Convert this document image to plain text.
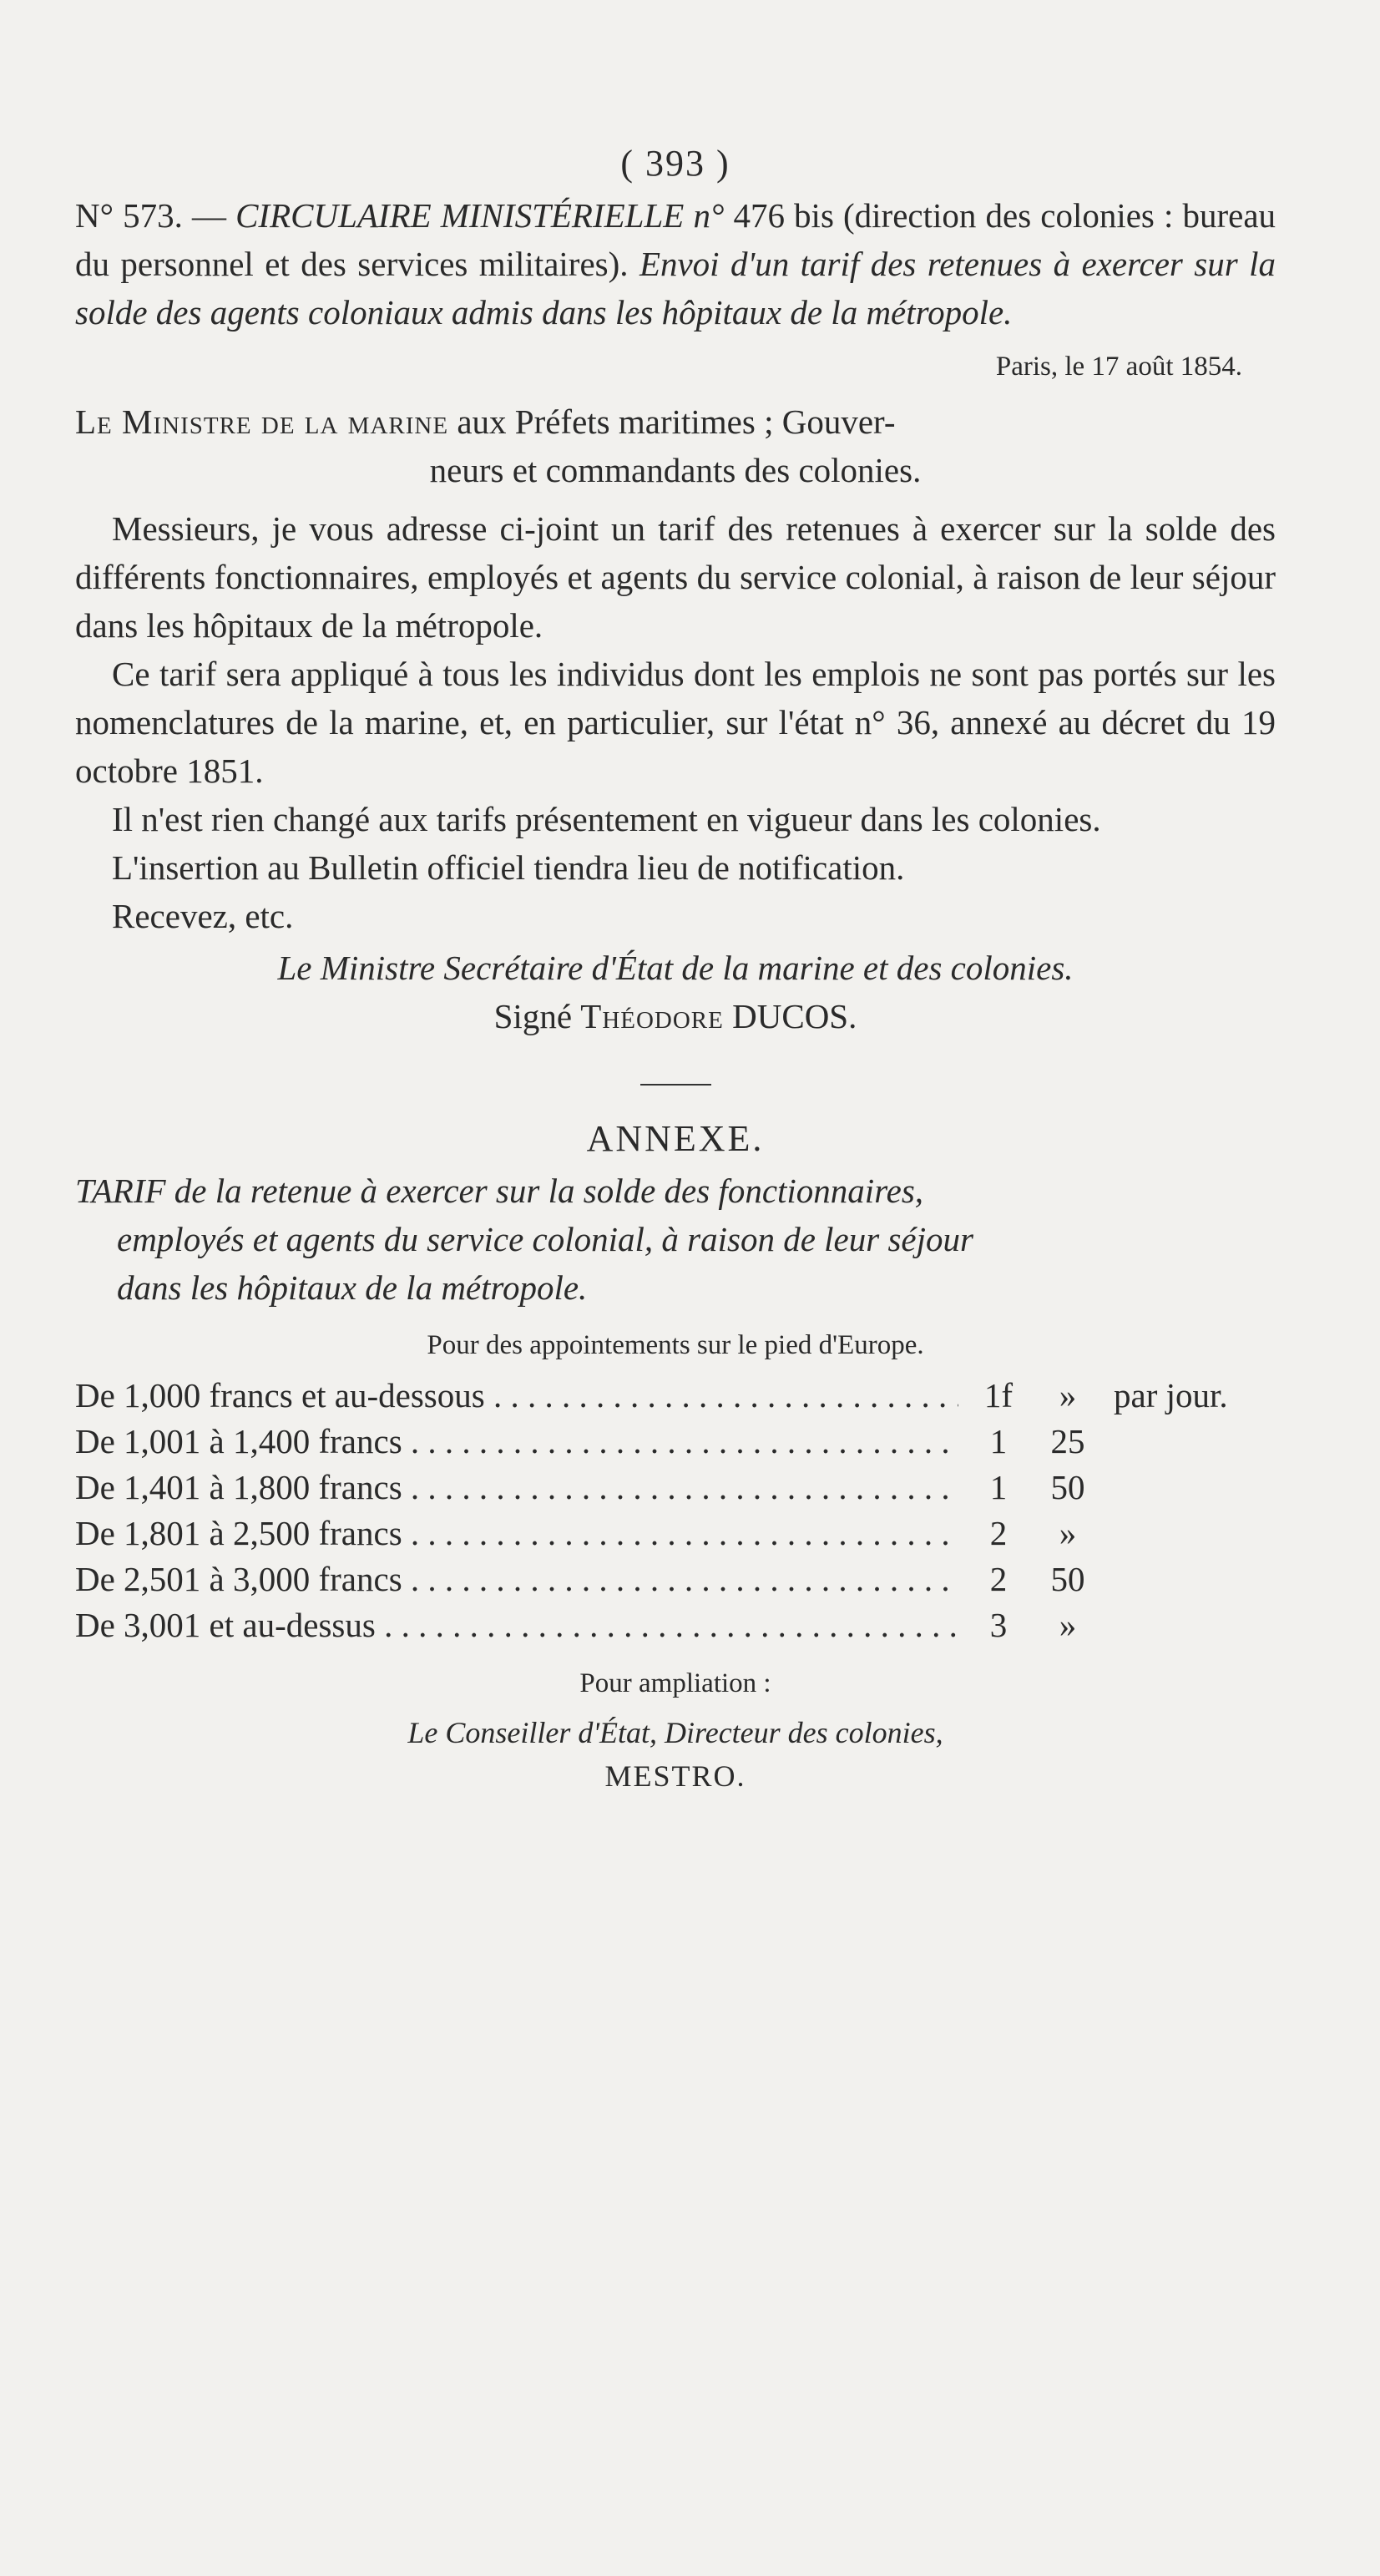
( 393 )

N° 573. — CIRCULAIRE MINISTÉRIELLE n° 476 bis (direction des colonies : bureau du personnel et des services militaires). Envoi d'un tarif des retenues à exercer sur la solde des agents coloniaux admis dans les hôpitaux de la métropole.

Paris, le 17 août 1854.
Le Ministre de la marine aux Préfets maritimes ; Gouver-
neurs et commandants des colonies.

Messieurs, je vous adresse ci-joint un tarif des retenues à exercer sur la solde des différents fonctionnaires, employés et agents du service colonial, à raison de leur séjour dans les hôpitaux de la métropole.

Ce tarif sera appliqué à tous les individus dont les emplois ne sont pas portés sur les nomenclatures de la marine, et, en particulier, sur l'état n° 36, annexé au décret du 19 octobre 1851.

Il n'est rien changé aux tarifs présentement en vigueur dans les colonies.

L'insertion au Bulletin officiel tiendra lieu de notification.

Recevez, etc.

Le Ministre Secrétaire d'État de la marine et des colonies.
Signé Théodore DUCOS.
ANNEXE.
TARIF de la retenue à exercer sur la solde des fonctionnaires,
employés et agents du service colonial, à raison de leur séjour
dans les hôpitaux de la métropole.
Pour des appointements sur le pied d'Europe.
De 1,000 francs et au-dessous . . .	1f	»	par jour.
De 1,001 à 1,400 francs . . .	1	25
De 1,401 à 1,800 francs . . .	1	50
De 1,801 à 2,500 francs . . .	2	»
De 2,501 à 3,000 francs . . .	2	50
De 3,001 et au-dessus . . .	3	»
Pour ampliation :
Le Conseiller d'État, Directeur des colonies,
MESTRO.
